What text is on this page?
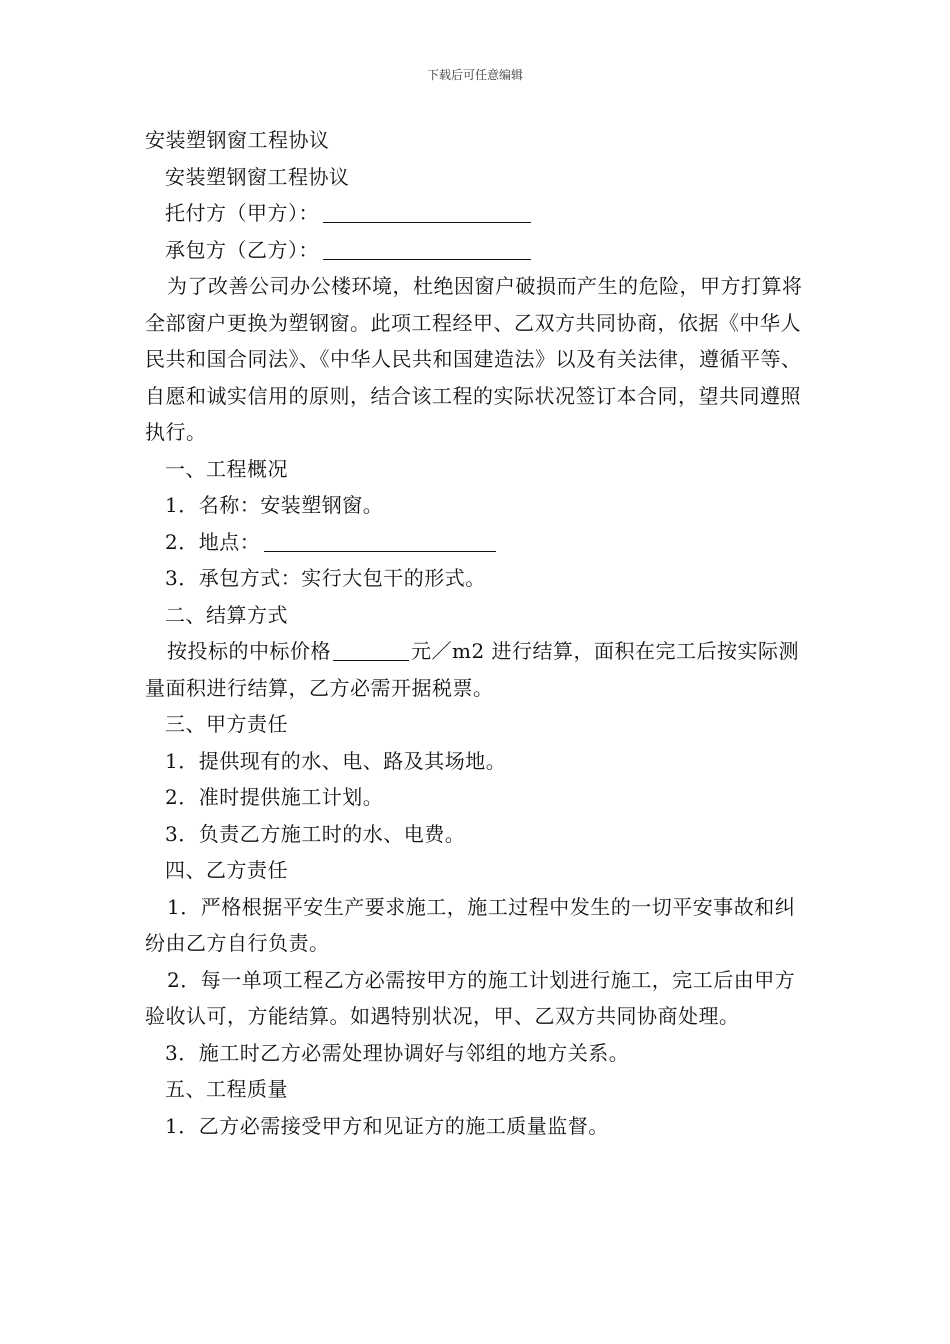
下载后可任意编辑
安装塑钢窗工程协议
安装塑钢窗工程协议
托付方（甲方）：
承包方（乙方）：
为了改善公司办公楼环境，杜绝因窗户破损而产生的危险，甲方打算将全部窗户更换为塑钢窗。此项工程经甲、乙双方共同协商，依据《中华人民共和国合同法》、《中华人民共和国建造法》以及有关法律，遵循平等、自愿和诚实信用的原则，结合该工程的实际状况签订本合同，望共同遵照执行。
一、工程概况
1．名称：安装塑钢窗。
2．地点：
3．承包方式：实行大包干的形式。
二、结算方式
按投标的中标价格	元／m2 进行结算，面积在完工后按实际测量面积进行结算，乙方必需开据税票。
三、甲方责任
1．提供现有的水、电、路及其场地。
2．准时提供施工计划。
3．负责乙方施工时的水、电费。
四、乙方责任
1．严格根据平安生产要求施工，施工过程中发生的一切平安事故和纠纷由乙方自行负责。
2．每一单项工程乙方必需按甲方的施工计划进行施工，完工后由甲方验收认可，方能结算。如遇特别状况，甲、乙双方共同协商处理。
3．施工时乙方必需处理协调好与邻组的地方关系。
五、工程质量
1．乙方必需接受甲方和见证方的施工质量监督。
